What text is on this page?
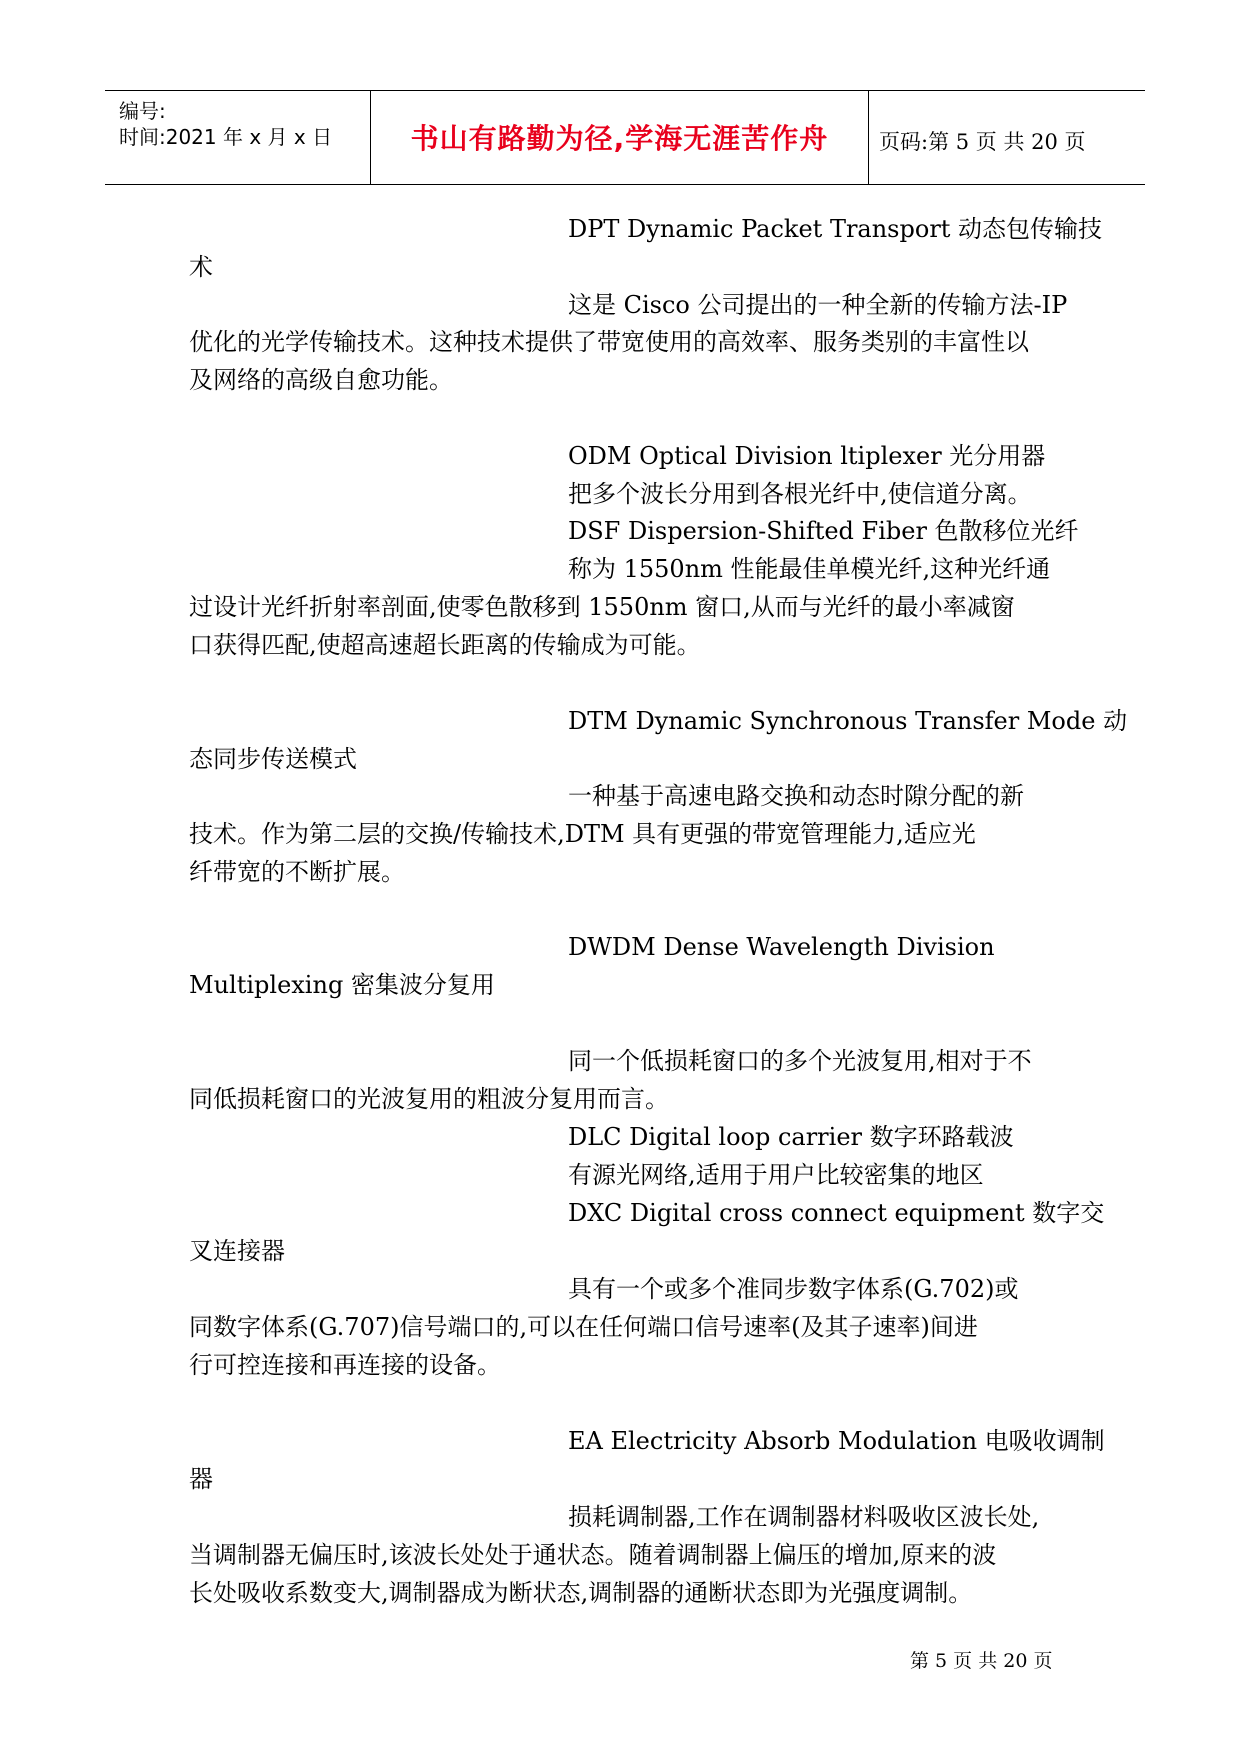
编号:
时间:2021 年 x 月 x 日	书山有路勤为径,学海无涯苦作舟	页码:第 5 页 共 20 页
DPT Dynamic Packet Transport 动态包传输技
术
这是 Cisco 公司提出的一种全新的传输方法-IP
优化的光学传输技术。这种技术提供了带宽使用的高效率、服务类别的丰富性以
及网络的高级自愈功能。
ODM Optical Division ltiplexer 光分用器
把多个波长分用到各根光纤中,使信道分离。
DSF Dispersion-Shifted Fiber 色散移位光纤
称为 1550nm 性能最佳单模光纤,这种光纤通
过设计光纤折射率剖面,使零色散移到 1550nm 窗口,从而与光纤的最小率减窗
口获得匹配,使超高速超长距离的传输成为可能。
DTM Dynamic Synchronous Transfer Mode 动
态同步传送模式
一种基于高速电路交换和动态时隙分配的新
技术。作为第二层的交换/传输技术,DTM 具有更强的带宽管理能力,适应光
纤带宽的不断扩展。
DWDM Dense Wavelength Division
Multiplexing 密集波分复用
同一个低损耗窗口的多个光波复用,相对于不
同低损耗窗口的光波复用的粗波分复用而言。
DLC Digital loop carrier 数字环路载波
有源光网络,适用于用户比较密集的地区
DXC Digital cross connect equipment 数字交
叉连接器
具有一个或多个准同步数字体系(G.702)或
同数字体系(G.707)信号端口的,可以在任何端口信号速率(及其子速率)间进
行可控连接和再连接的设备。
EA Electricity Absorb Modulation 电吸收调制
器
损耗调制器,工作在调制器材料吸收区波长处,
当调制器无偏压时,该波长处处于通状态。随着调制器上偏压的增加,原来的波
长处吸收系数变大,调制器成为断状态,调制器的通断状态即为光强度调制。
第 5 页 共 20 页
